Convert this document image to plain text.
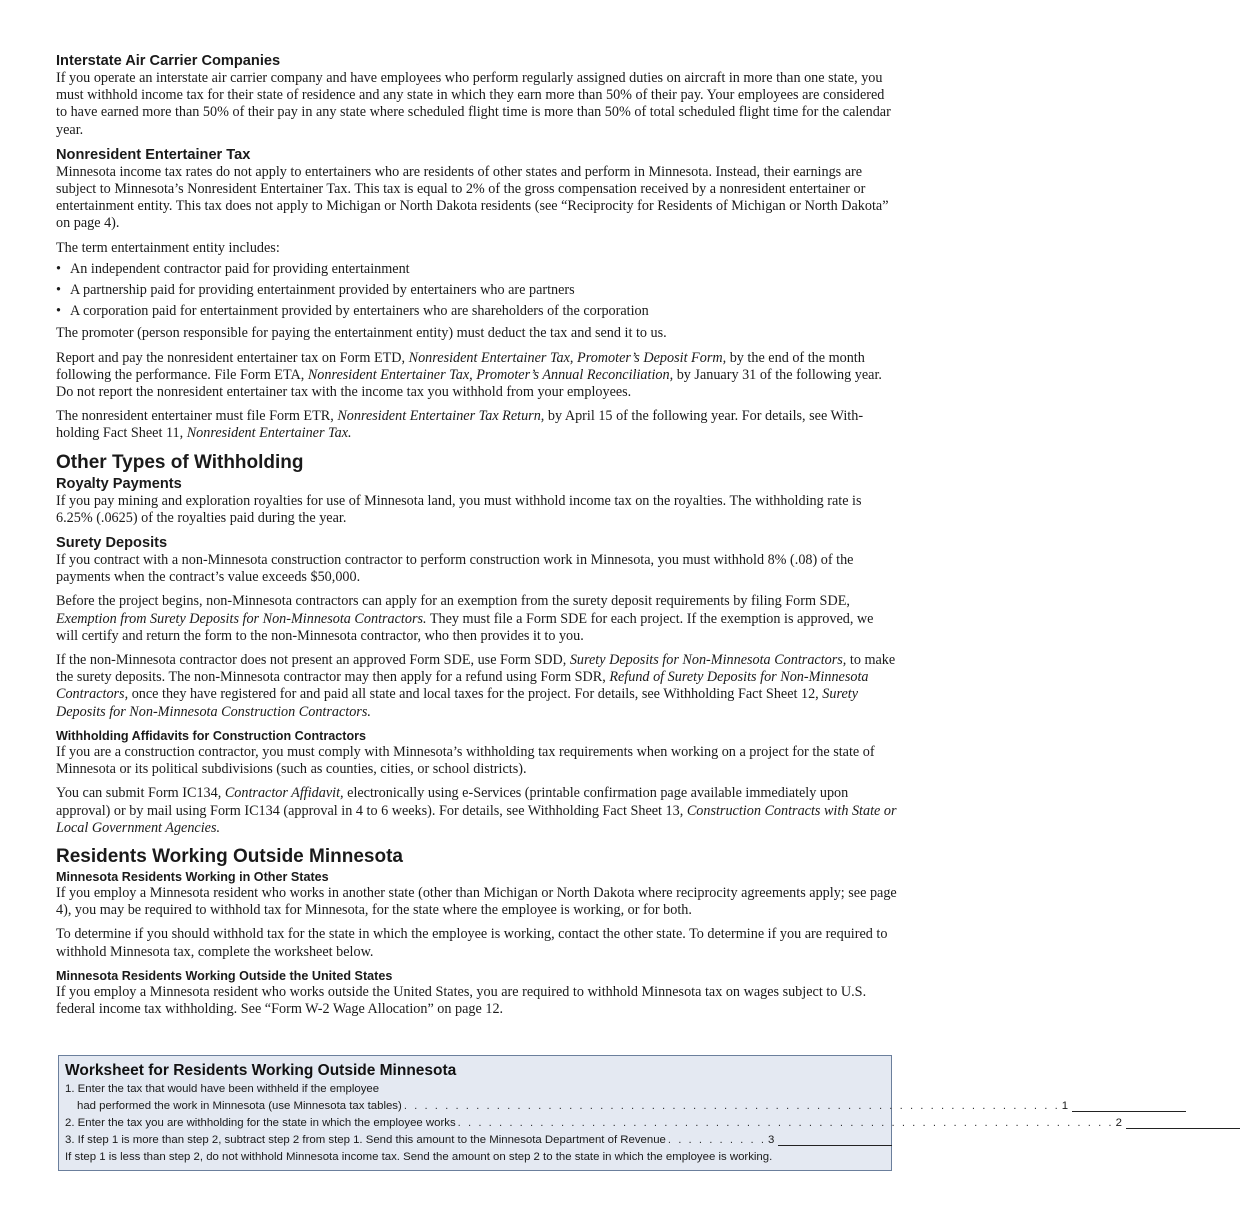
Interstate Air Carrier Companies

If you operate an interstate air carrier company and have employees who perform regularly assigned duties on aircraft in more than one state, you must withhold income tax for their state of residence and any state in which they earn more than 50% of their pay. Your employees are considered to have earned more than 50% of their pay in any state where scheduled flight time is more than 50% of total scheduled flight time for the calendar year.

Nonresident Entertainer Tax

Minnesota income tax rates do not apply to entertainers who are residents of other states and perform in Minnesota. Instead, their earnings are subject to Minnesota’s Nonresident Entertainer Tax. This tax is equal to 2% of the gross compensation received by a nonresident entertainer or entertainment entity. This tax does not apply to Michigan or North Dakota residents (see “Reciprocity for Residents of Michigan or North Dakota” on page 4).

The term entertainment entity includes:

• An independent contractor paid for providing entertainment
• A partnership paid for providing entertainment provided by entertainers who are partners
• A corporation paid for entertainment provided by entertainers who are shareholders of the corporation

The promoter (person responsible for paying the entertainment entity) must deduct the tax and send it to us.

Report and pay the nonresident entertainer tax on Form ETD, Nonresident Entertainer Tax, Promoter’s Deposit Form, by the end of the month following the performance. File Form ETA, Nonresident Entertainer Tax, Promoter’s Annual Reconciliation, by January 31 of the following year. Do not report the nonresident entertainer tax with the income tax you withhold from your employees.

The nonresident entertainer must file Form ETR, Nonresident Entertainer Tax Return, by April 15 of the following year. For details, see Withholding Fact Sheet 11, Nonresident Entertainer Tax.

Other Types of Withholding
Royalty Payments

If you pay mining and exploration royalties for use of Minnesota land, you must withhold income tax on the royalties. The withholding rate is 6.25% (.0625) of the royalties paid during the year.

Surety Deposits

If you contract with a non-Minnesota construction contractor to perform construction work in Minnesota, you must withhold 8% (.08) of the payments when the contract’s value exceeds $50,000.

Before the project begins, non-Minnesota contractors can apply for an exemption from the surety deposit requirements by filing Form SDE, Exemption from Surety Deposits for Non-Minnesota Contractors. They must file a Form SDE for each project. If the exemption is approved, we will certify and return the form to the non-Minnesota contractor, who then provides it to you.

If the non-Minnesota contractor does not present an approved Form SDE, use Form SDD, Surety Deposits for Non-Minnesota Contractors, to make the surety deposits. The non-Minnesota contractor may then apply for a refund using Form SDR, Refund of Surety Deposits for Non-Minnesota Contractors, once they have registered for and paid all state and local taxes for the project. For details, see Withholding Fact Sheet 12, Surety Deposits for Non-Minnesota Construction Contractors.

Withholding Affidavits for Construction Contractors

If you are a construction contractor, you must comply with Minnesota’s withholding tax requirements when working on a project for the state of Minnesota or its political subdivisions (such as counties, cities, or school districts).

You can submit Form IC134, Contractor Affidavit, electronically using e-Services (printable confirmation page available immediately upon approval) or by mail using Form IC134 (approval in 4 to 6 weeks). For details, see Withholding Fact Sheet 13, Construction Contracts with State or Local Government Agencies.

Residents Working Outside Minnesota
Minnesota Residents Working in Other States

If you employ a Minnesota resident who works in another state (other than Michigan or North Dakota where reciprocity agreements apply; see page 4), you may be required to withhold tax for Minnesota, for the state where the employee is working, or for both.

To determine if you should withhold tax for the state in which the employee is working, contact the other state. To determine if you are required to withhold Minnesota tax, complete the worksheet below.

Minnesota Residents Working Outside the United States

If you employ a Minnesota resident who works outside the United States, you are required to withhold Minnesota tax on wages subject to U.S. federal income tax withholding. See “Form W-2 Wage Allocation” on page 12.

Worksheet for Residents Working Outside Minnesota
1. Enter the tax that would have been withheld if the employee
had performed the work in Minnesota (use Minnesota tax tables) . . . . . . . . . . . . . . . . . . . . . . . . . . . . . . . . . . . . . . . . . . . . . . . . . . . . . . . . . . . . . . . . 1
2. Enter the tax you are withholding for the state in which the employee works . . . . . . . . . . . . . . . . . . . . . . . . . . . . . . . . . . . . . . . . . . . . . . . . . . . . . . . . . . . . . . . . 2
3. If step 1 is more than step 2, subtract step 2 from step 1. Send this amount to the Minnesota Department of Revenue . . . . . . . . . . 3
If step 1 is less than step 2, do not withhold Minnesota income tax. Send the amount on step 2 to the state in which the employee is working.
